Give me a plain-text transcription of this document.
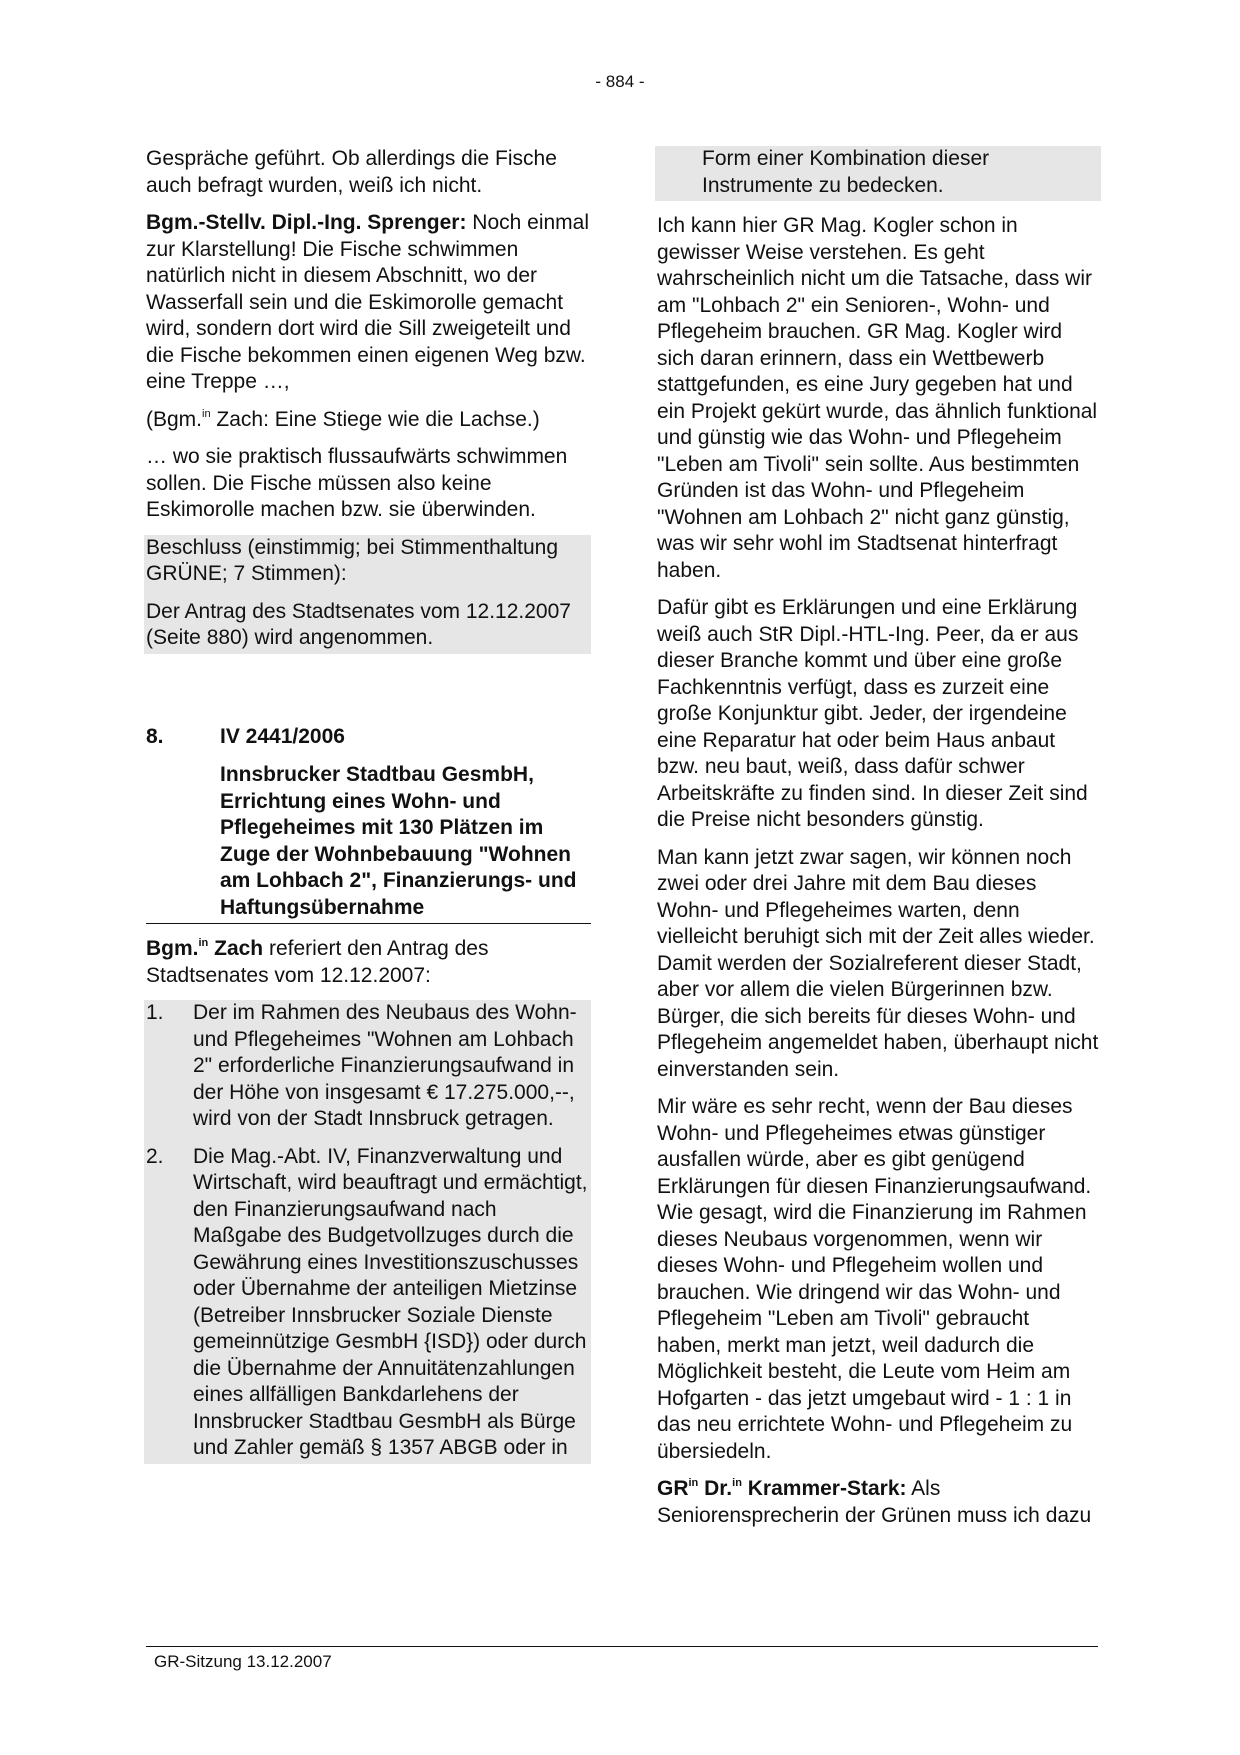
- 884 -

Gespräche geführt. Ob allerdings die Fische auch befragt wurden, weiß ich nicht.

Bgm.-Stellv. Dipl.-Ing. Sprenger: Noch einmal zur Klarstellung! Die Fische schwimmen natürlich nicht in diesem Abschnitt, wo der Wasserfall sein und die Eskimorolle gemacht wird, sondern dort wird die Sill zweigeteilt und die Fische bekommen einen eigenen Weg bzw. eine Treppe …,

(Bgm.$^{in}$ Zach: Eine Stiege wie die Lachse.)

… wo sie praktisch flussaufwärts schwimmen sollen. Die Fische müssen also keine Eskimorolle machen bzw. sie überwinden.

Beschluss (einstimmig; bei Stimmenthaltung GRÜNE; 7 Stimmen):

Der Antrag des Stadtsenates vom 12.12.2007 (Seite 880) wird angenommen.

8.	IV 2441/2006
Innsbrucker Stadtbau GesmbH, Errichtung eines Wohn- und Pflegeheimes mit 130 Plätzen im Zuge der Wohnbebauung "Wohnen am Lohbach 2", Finanzierungs- und Haftungsübernahme

Bgm.$^{in}$ Zach referiert den Antrag des Stadtsenates vom 12.12.2007:

1.	Der im Rahmen des Neubaus des Wohn- und Pflegeheimes "Wohnen am Lohbach 2" erforderliche Finanzierungsaufwand in der Höhe von insgesamt € 17.275.000,--, wird von der Stadt Innsbruck getragen.
2.	Die Mag.-Abt. IV, Finanzverwaltung und Wirtschaft, wird beauftragt und ermächtigt, den Finanzierungsaufwand nach Maßgabe des Budgetvollzuges durch die Gewährung eines Investitionszuschusses oder Übernahme der anteiligen Mietzinse (Betreiber Innsbrucker Soziale Dienste gemeinnützige GesmbH {ISD}) oder durch die Übernahme der Annuitätenzahlungen eines allfälligen Bankdarlehens der Innsbrucker Stadtbau GesmbH als Bürge und Zahler gemäß § 1357 ABGB oder in
Form einer Kombination dieser Instrumente zu bedecken.

Ich kann hier GR Mag. Kogler schon in gewisser Weise verstehen. Es geht wahrscheinlich nicht um die Tatsache, dass wir am "Lohbach 2" ein Senioren-, Wohn- und Pflegeheim brauchen. GR Mag. Kogler wird sich daran erinnern, dass ein Wettbewerb stattgefunden, es eine Jury gegeben hat und ein Projekt gekürt wurde, das ähnlich funktional und günstig wie das Wohn- und Pflegeheim "Leben am Tivoli" sein sollte. Aus bestimmten Gründen ist das Wohn- und Pflegeheim "Wohnen am Lohbach 2" nicht ganz günstig, was wir sehr wohl im Stadtsenat hinterfragt haben.

Dafür gibt es Erklärungen und eine Erklärung weiß auch StR Dipl.-HTL-Ing. Peer, da er aus dieser Branche kommt und über eine große Fachkenntnis verfügt, dass es zurzeit eine große Konjunktur gibt. Jeder, der irgendeine eine Reparatur hat oder beim Haus anbaut bzw. neu baut, weiß, dass dafür schwer Arbeitskräfte zu finden sind. In dieser Zeit sind die Preise nicht besonders günstig.

Man kann jetzt zwar sagen, wir können noch zwei oder drei Jahre mit dem Bau dieses Wohn- und Pflegeheimes warten, denn vielleicht beruhigt sich mit der Zeit alles wieder. Damit werden der Sozialreferent dieser Stadt, aber vor allem die vielen Bürgerinnen bzw. Bürger, die sich bereits für dieses Wohn- und Pflegeheim angemeldet haben, überhaupt nicht einverstanden sein.

Mir wäre es sehr recht, wenn der Bau dieses Wohn- und Pflegeheimes etwas günstiger ausfallen würde, aber es gibt genügend Erklärungen für diesen Finanzierungsaufwand. Wie gesagt, wird die Finanzierung im Rahmen dieses Neubaus vorgenommen, wenn wir dieses Wohn- und Pflegeheim wollen und brauchen. Wie dringend wir das Wohn- und Pflegeheim "Leben am Tivoli" gebraucht haben, merkt man jetzt, weil dadurch die Möglichkeit besteht, die Leute vom Heim am Hofgarten - das jetzt umgebaut wird - 1 : 1 in das neu errichtete Wohn- und Pflegeheim zu übersiedeln.

$GR^{in}$ Dr.$^{in}$ Krammer-Stark: Als Seniorensprecherin der Grünen muss ich dazu

GR-Sitzung 13.12.2007
